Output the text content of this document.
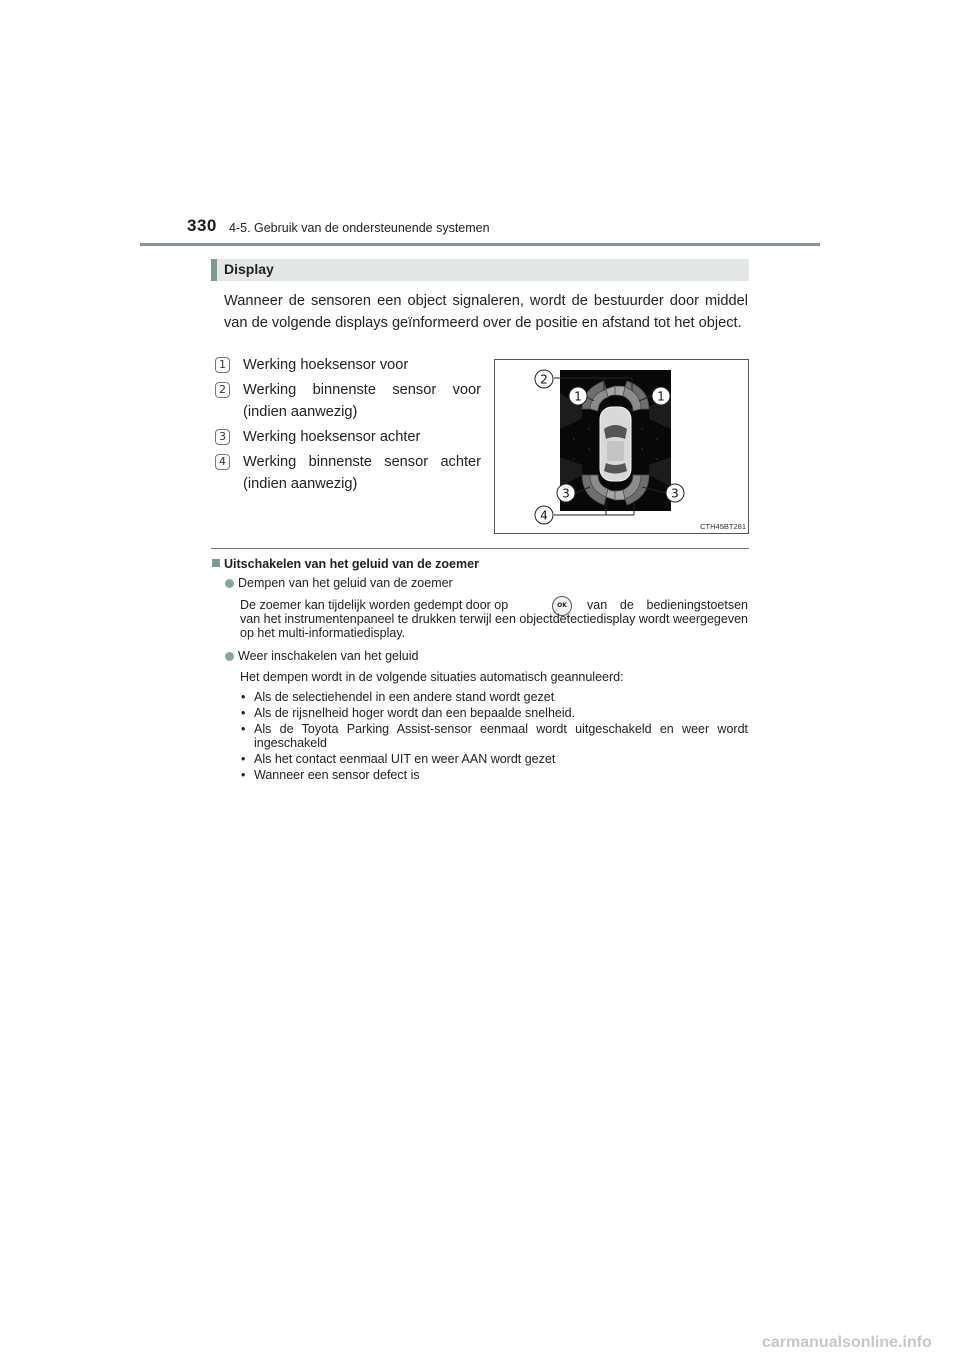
330 4-5. Gebruik van de ondersteunende systemen
Display
Wanneer de sensoren een object signaleren, wordt de bestuurder door middel van de volgende displays geïnformeerd over de positie en afstand tot het object.
1 Werking hoeksensor voor
2 Werking binnenste sensor voor (indien aanwezig)
3 Werking hoeksensor achter
4 Werking binnenste sensor achter (indien aanwezig)
2
1	1
3	3
4
CTH45BT281
Uitschakelen van het geluid van de zoemer
Dempen van het geluid van de zoemer
De zoemer kan tijdelijk worden gedempt door op	OK	van de bedieningstoetsen
van het instrumentenpaneel te drukken terwijl een objectdetectiedisplay wordt weergegeven op het multi-informatiedisplay.
Weer inschakelen van het geluid
Het dempen wordt in de volgende situaties automatisch geannuleerd:
• Als de selectiehendel in een andere stand wordt gezet
• Als de rijsnelheid hoger wordt dan een bepaalde snelheid.
• Als de Toyota Parking Assist-sensor eenmaal wordt uitgeschakeld en weer wordt ingeschakeld
• Als het contact eenmaal UIT en weer AAN wordt gezet
• Wanneer een sensor defect is
carmanualsonline.info
